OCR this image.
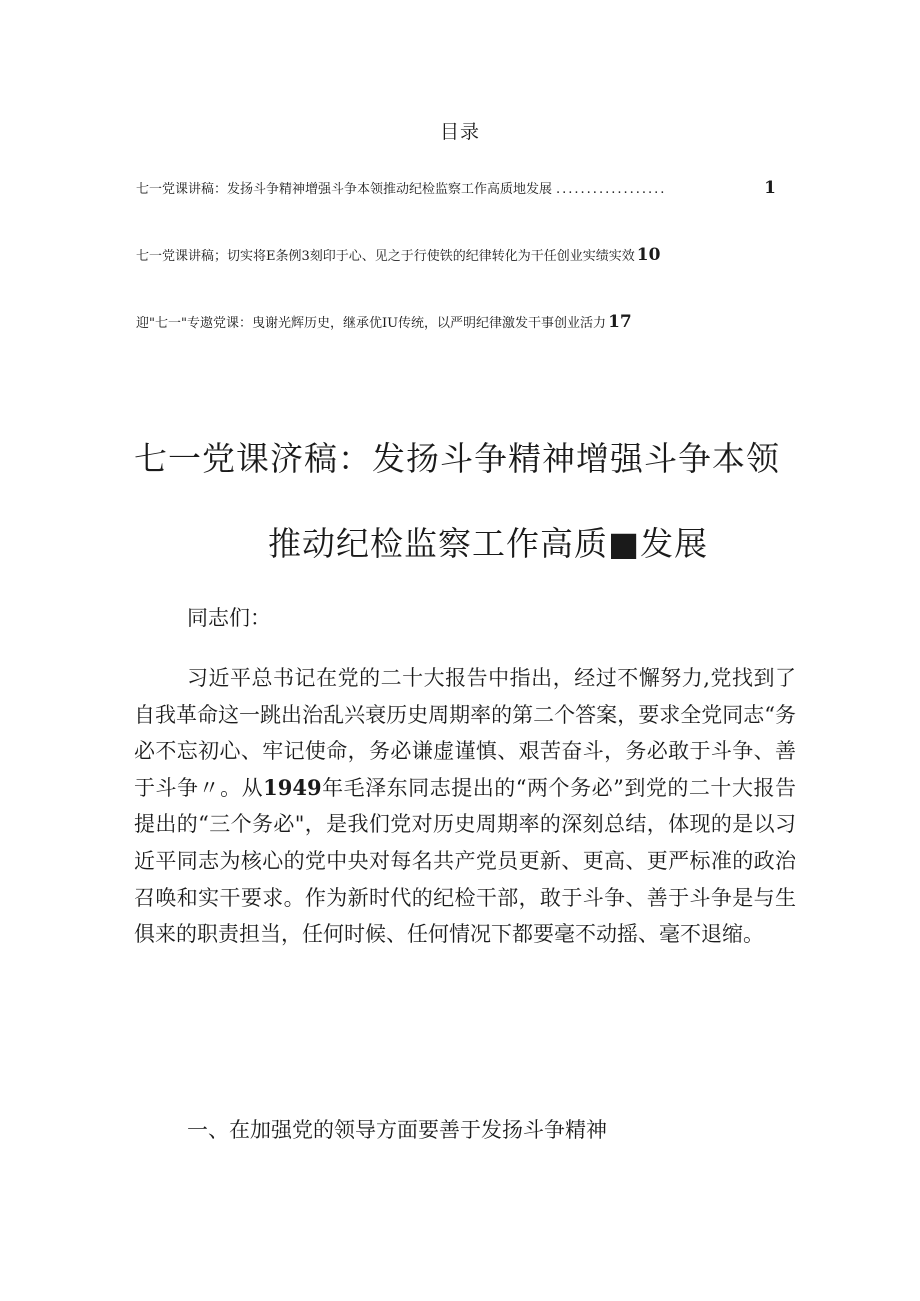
目录
七一党课讲稿：发扬斗争精神增强斗争本领推动纪检监察工作高质地发展 ..................	1
七一党课讲稿；切实将E条例3刻印于心、见之于行使铁的纪律转化为干任创业实绩实效 10
迎"七一"专遨党课：曳谢光辉历史，继承优IU传统，以严明纪律激发干事创业活力 17
七一党课济稿：发扬斗争精神增强斗争本领
推动纪检监察工作高质■发展
同志们：
习近平总书记在党的二十大报告中指出，经过不懈努力,党找到了自我革命这一跳出治乱兴衰历史周期率的第二个答案，要求全党同志“务必不忘初心、牢记使命，务必谦虚谨慎、艰苦奋斗，务必敢于斗争、善于斗争〃。从1949年毛泽东同志提出的“两个务必”到党的二十大报告提出的“三个务必"，是我们党对历史周期率的深刻总结，体现的是以习近平同志为核心的党中央对每名共产党员更新、更高、更严标准的政治召唤和实干要求。作为新时代的纪检干部，敢于斗争、善于斗争是与生俱来的职责担当，任何时候、任何情况下都要毫不动摇、毫不退缩。
一、在加强党的领导方面要善于发扬斗争精神
